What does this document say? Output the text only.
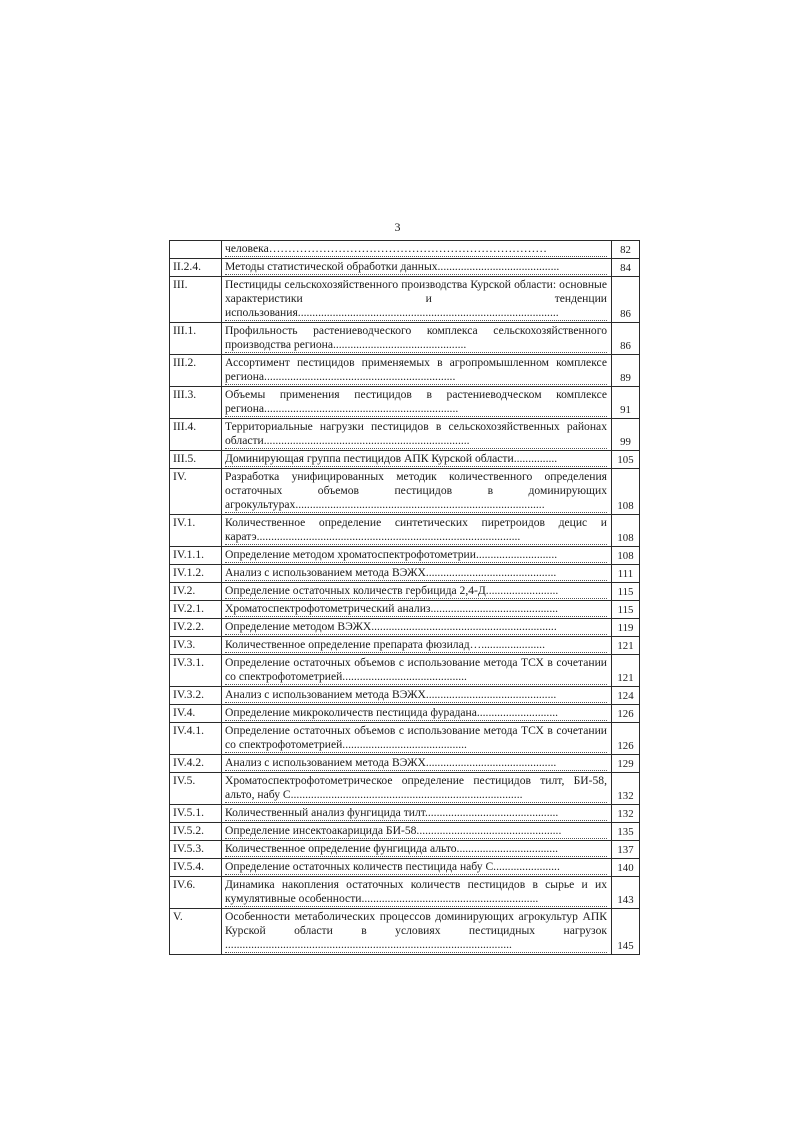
3

	человека………………………………………………………………	82
II.2.4.	Методы статистической обработки данных..........................................	84
III.	Пестициды сельскохозяйственного производства Курской области: основные характеристики и тенденции использования..........................................................................................	86
III.1.	Профильность растениеводческого комплекса сельскохозяйственного производства региона..............................................	86
III.2.	Ассортимент пестицидов применяемых в агропромышленном комплексе региона..................................................................	89
III.3.	Объемы применения пестицидов в растениеводческом комплексе региона...................................................................	91
III.4.	Территориальные нагрузки пестицидов в сельскохозяйственных районах области.......................................................................	99
III.5.	Доминирующая группа пестицидов АПК Курской области...............	105
IV.	Разработка унифицированных методик количественного определения остаточных объемов пестицидов в доминирующих агрокультурах......................................................................................	108
IV.1.	Количественное определение синтетических пиретроидов децис и каратэ...........................................................................................	108
IV.1.1.	Определение методом хроматоспектрофотометрии............................	108
IV.1.2.	Анализ с использованием метода ВЭЖХ.............................................	111
IV.2.	Определение остаточных количеств гербицида 2,4-Д.........................	115
IV.2.1.	Хроматоспектрофотометрический анализ............................................	115
IV.2.2.	Определение методом ВЭЖХ................................................................	119
IV.3.	Количественное определение препарата фюзилад…......................	121
IV.3.1.	Определение остаточных объемов с использование метода ТСХ в сочетании со спектрофотометрией...........................................	121
IV.3.2.	Анализ с использованием метода ВЭЖХ.............................................	124
IV.4.	Определение микроколичеств пестицида фурадана............................	126
IV.4.1.	Определение остаточных объемов с использование метода ТСХ в сочетании со спектрофотометрией...........................................	126
IV.4.2.	Анализ с использованием метода ВЭЖХ.............................................	129
IV.5.	Хроматоспектрофотометрическое определение пестицидов тилт, БИ-58, альто, набу С................................................................................	132
IV.5.1.	Количественный анализ фунгицида тилт..............................................	132
IV.5.2.	Определение инсектоакарицида БИ-58..................................................	135
IV.5.3.	Количественное определение фунгицида альто...................................	137
IV.5.4.	Определение остаточных количеств пестицида набу С.......................	140
IV.6.	Динамика накопления остаточных количеств пестицидов в сырье и их кумулятивные особенности.............................................................	143
V.	Особенности метаболических процессов доминирующих агрокультур АПК Курской области в условиях пестицидных нагрузок ...................................................................................................	145
